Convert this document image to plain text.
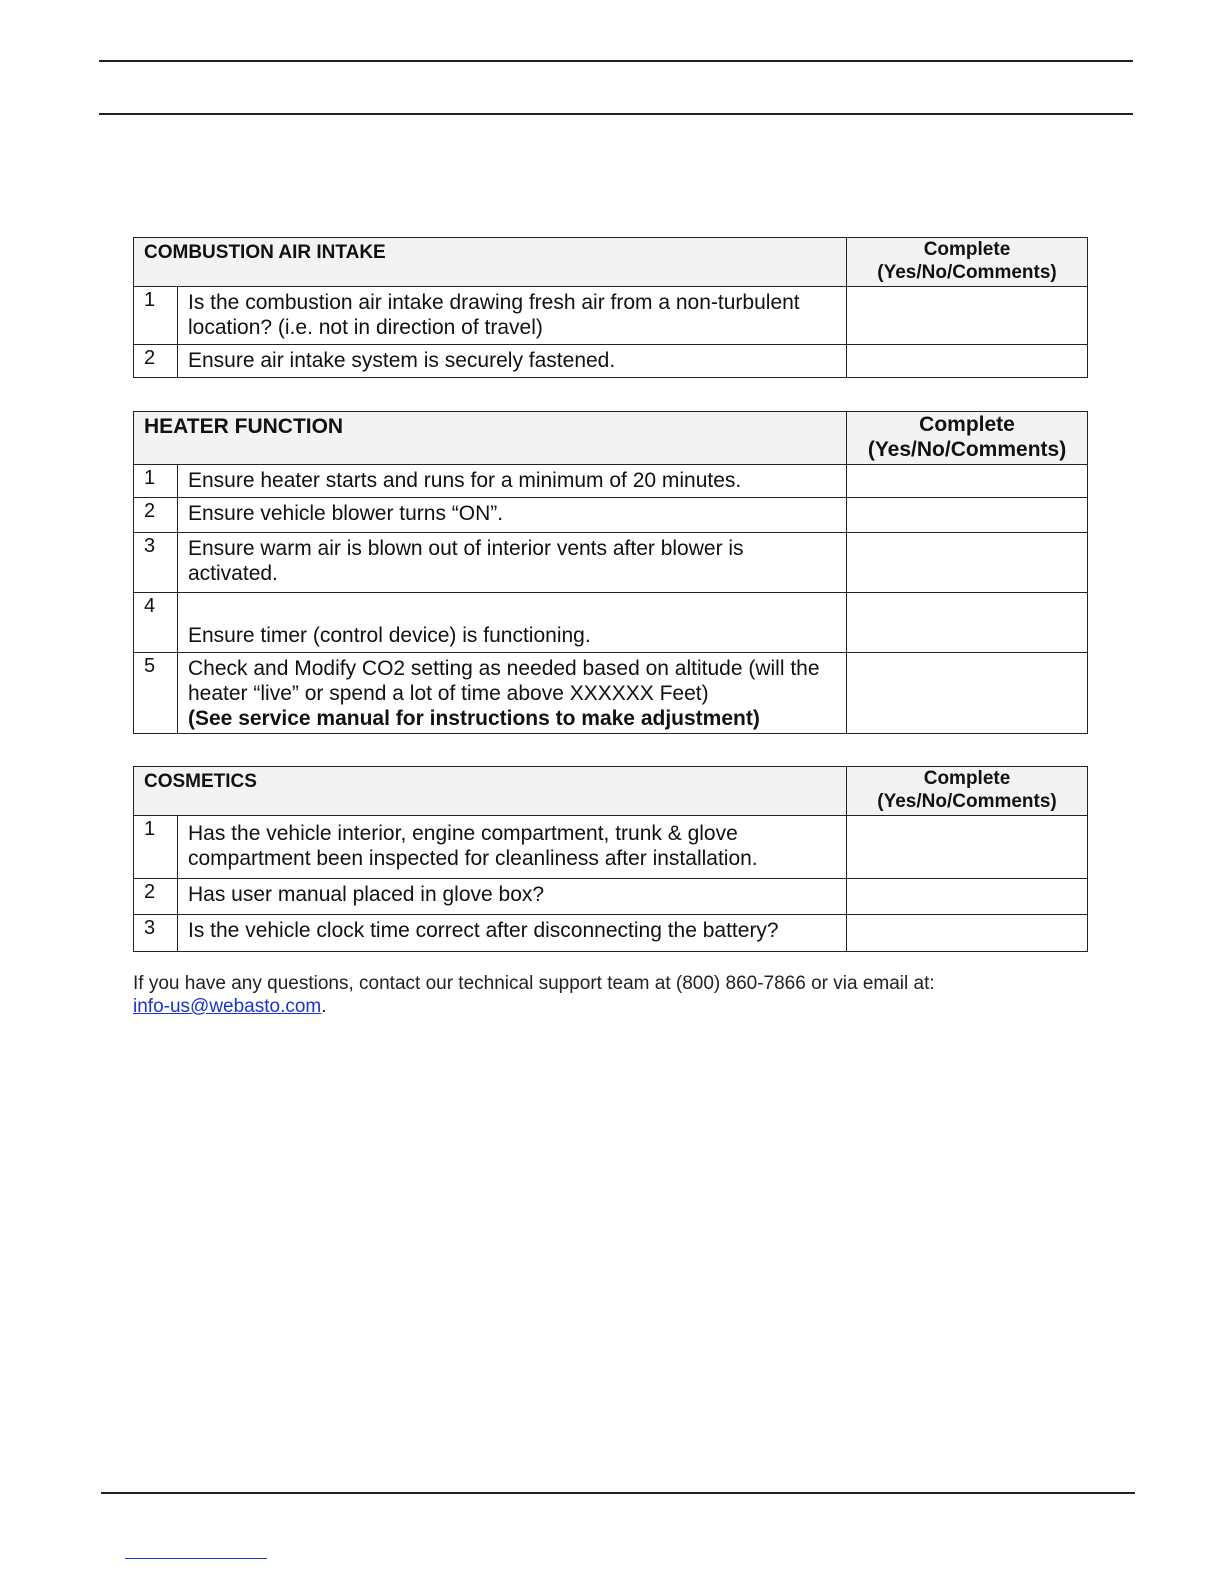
COMBUSTION AIR INTAKE		Complete
(Yes/No/Comments)

1	Is the combustion air intake drawing fresh air from a non-turbulent location? (i.e. not in direction of travel)	
2	Ensure air intake system is securely fastened.	
HEATER FUNCTION		Complete
(Yes/No/Comments)

1	Ensure heater starts and runs for a minimum of 20 minutes.	
2	Ensure vehicle blower turns “ON”.	
3	Ensure warm air is blown out of interior vents after blower is activated.	
4	Ensure timer (control device) is functioning.	
5	Check and Modify CO2 setting as needed based on altitude (will the heater “live” or spend a lot of time above XXXXXX Feet)
(See service manual for instructions to make adjustment)	

COSMETICS		Complete
(Yes/No/Comments)

1	Has the vehicle interior, engine compartment, trunk & glove compartment been inspected for cleanliness after installation.	
2	Has user manual placed in glove box?	
3	Is the vehicle clock time correct after disconnecting the battery?	
If you have any questions, contact our technical support team at (800) 860-7866 or via email at:
info-us@webasto.com.
